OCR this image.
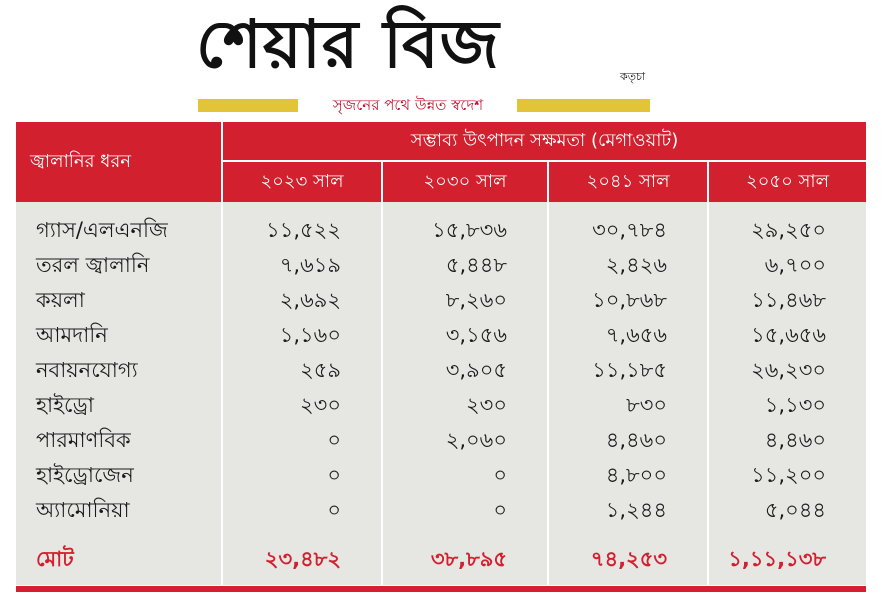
শেয়ার বিজ	কতৃচা
সৃজনের পথে উন্নত স্বদেশ
জ্বালানির ধরন	সম্ভাব্য উৎপাদন সক্ষমতা (মেগাওয়াট)			
	২০২৩ সাল	২০৩০ সাল	২০৪১ সাল	২০৫০ সাল
গ্যাস/এলএনজি	১১,৫২২	১৫,৮৩৬	৩০,৭৮৪	২৯,২৫০
তরল জ্বালানি	৭,৬১৯	৫,৪৪৮	২,৪২৬	৬,৭০০
কয়লা	২,৬৯২	৮,২৬০	১০,৮৬৮	১১,৪৬৮
আমদানি	১,১৬০	৩,১৫৬	৭,৬৫৬	১৫,৬৫৬
নবায়নযোগ্য	২৫৯	৩,৯০৫	১১,১৮৫	২৬,২৩০
হাইড্রো	২৩০	২৩০	৮৩০	১,১৩০
পারমাণবিক	০	২,০৬০	৪,৪৬০	৪,৪৬০
হাইড্রোজেন	০	০	৪,৮০০	১১,২০০
অ্যামোনিয়া	০	০	১,২৪৪	৫,০৪৪
মোট	২৩,৪৮২	৩৮,৮৯৫	৭৪,২৫৩	১,১১,১৩৮
